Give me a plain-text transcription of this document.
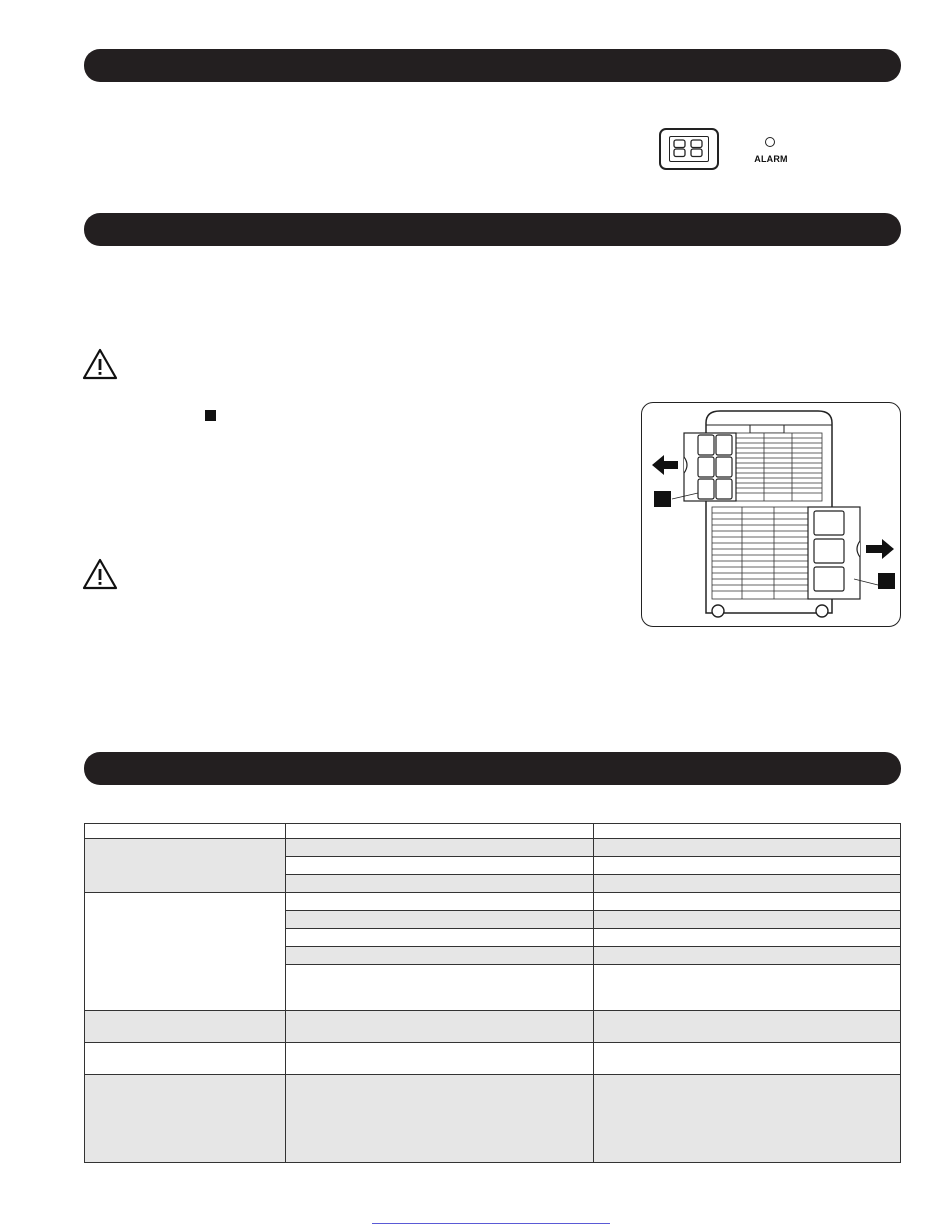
ALARM
